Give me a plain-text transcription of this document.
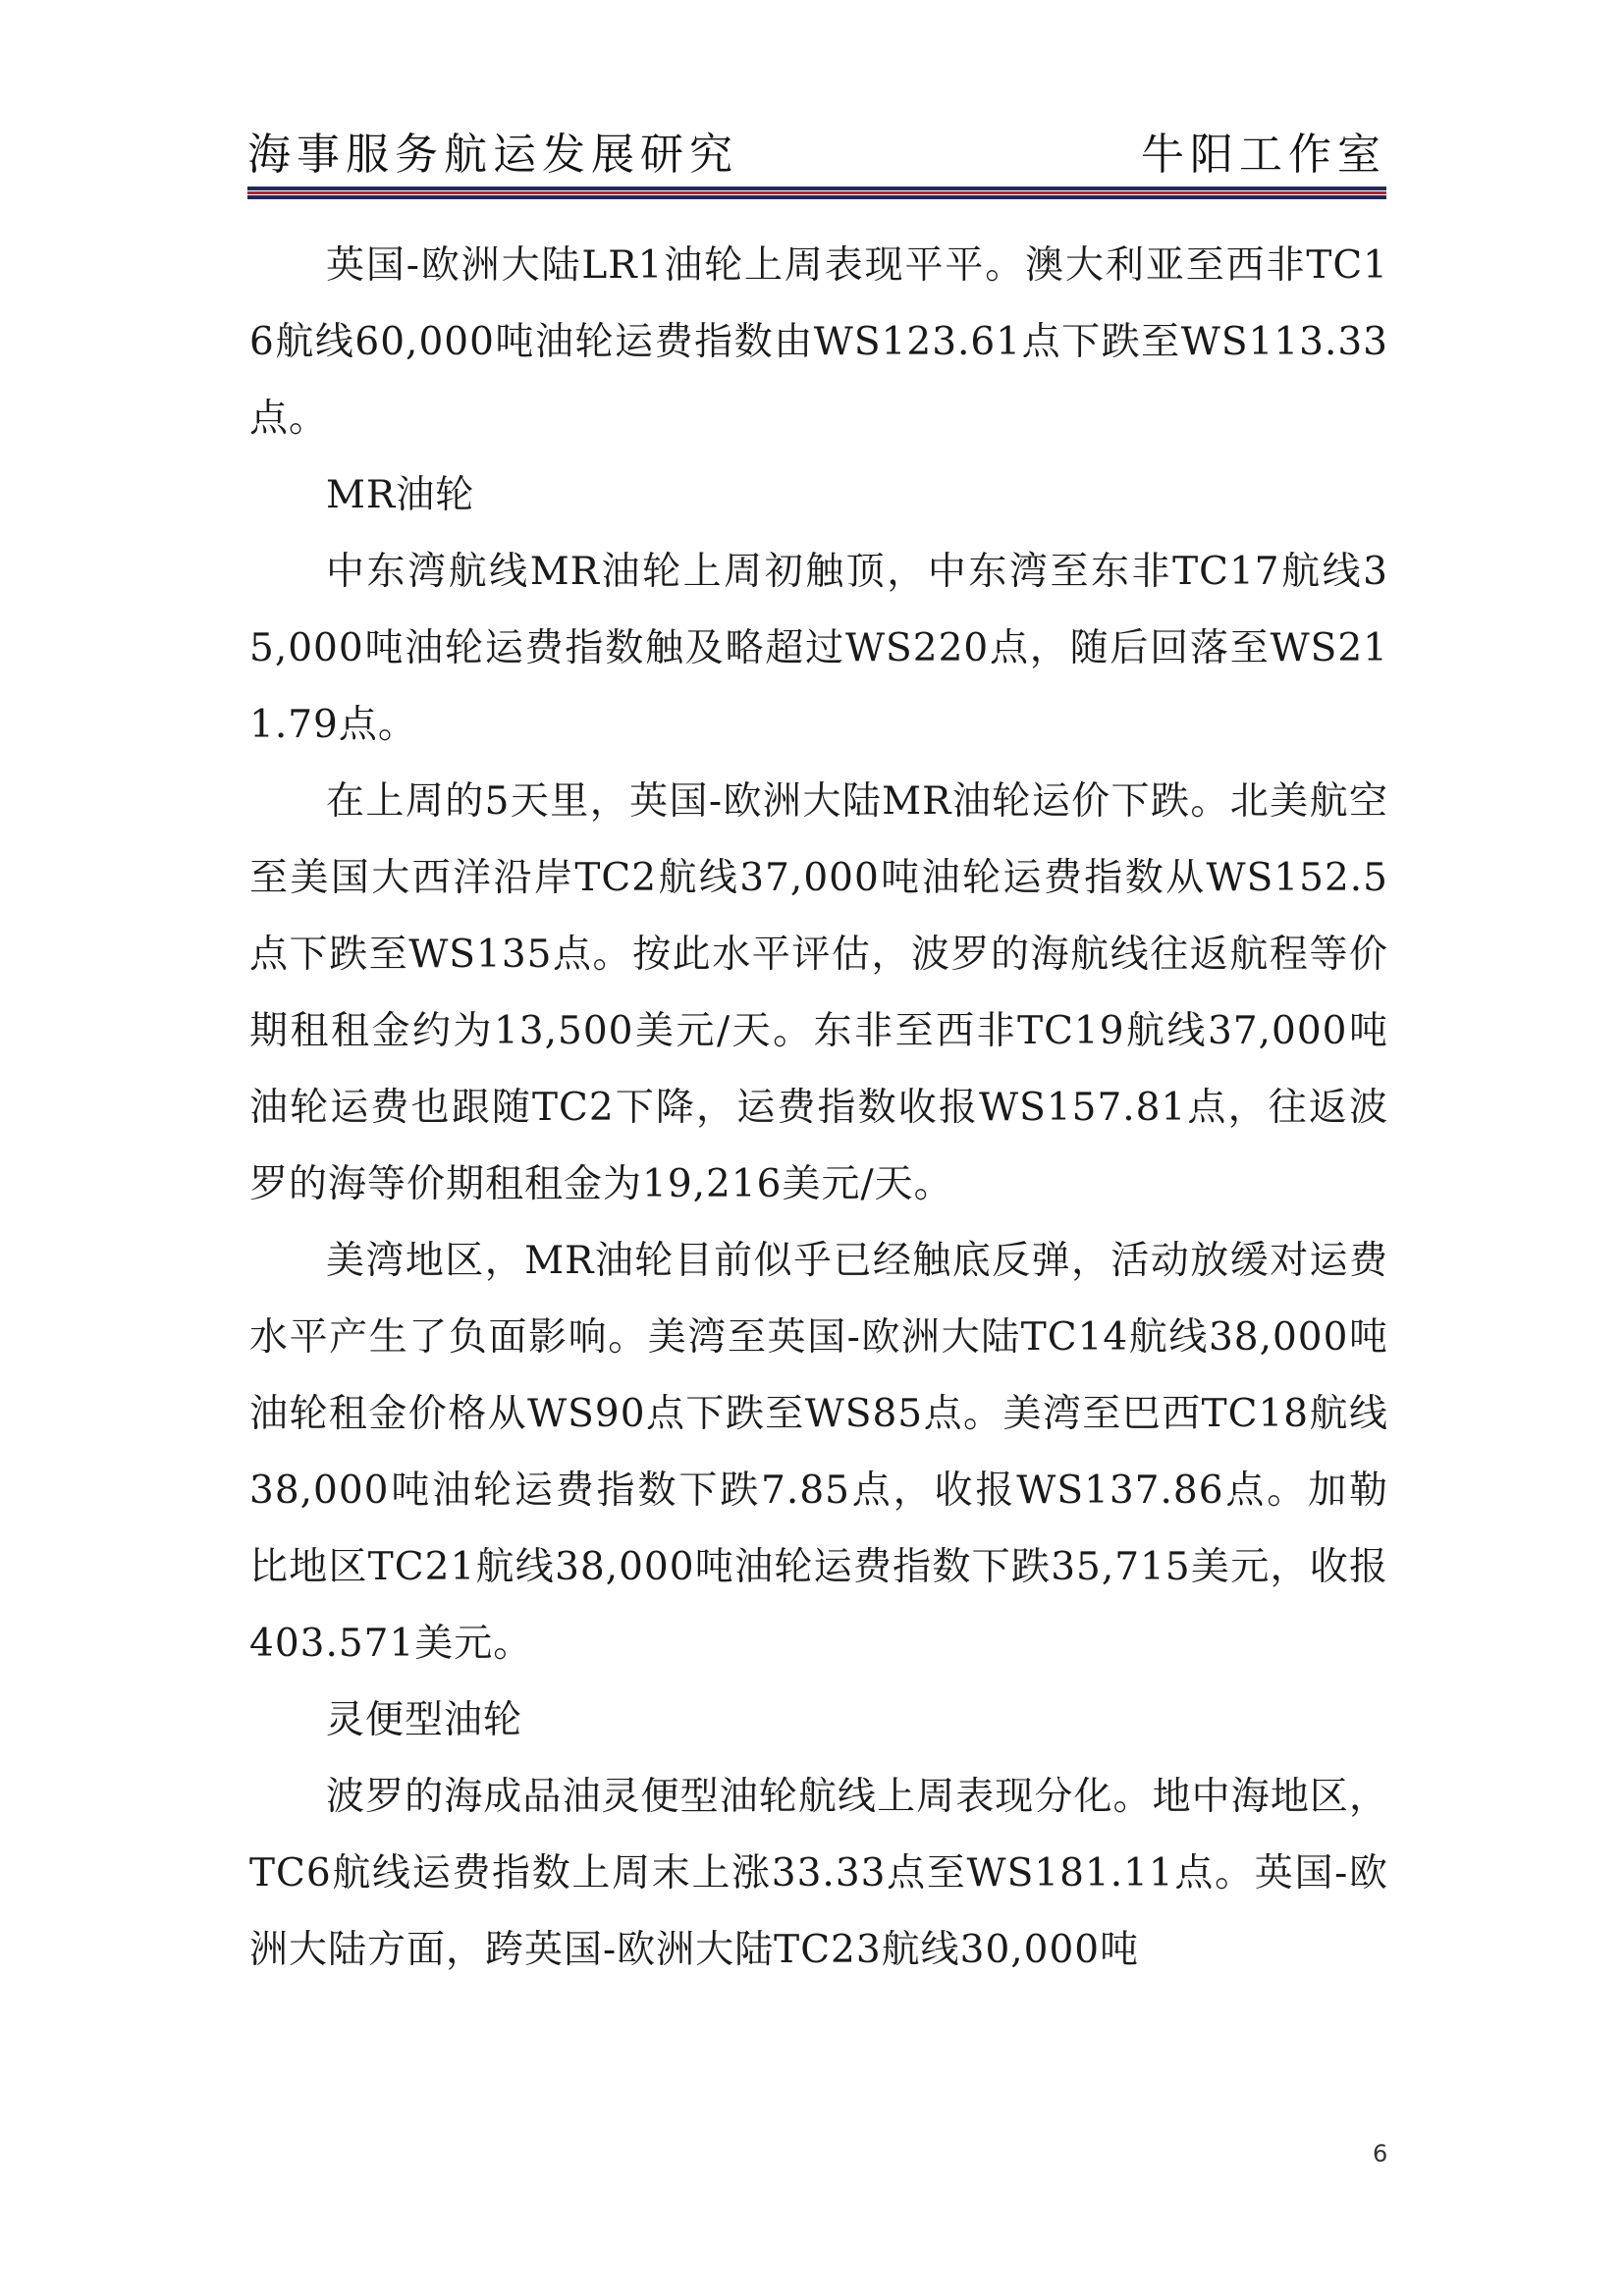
海事服务航运发展研究	牛阳工作室

英国-欧洲大陆LR1油轮上周表现平平。澳大利亚至西非TC16航线60,000吨油轮运费指数由WS123.61点下跌至WS113.33点。

MR油轮

中东湾航线MR油轮上周初触顶，中东湾至东非TC17航线35,000吨油轮运费指数触及略超过WS220点，随后回落至WS211.79点。

在上周的5天里，英国-欧洲大陆MR油轮运价下跌。北美航空至美国大西洋沿岸TC2航线37,000吨油轮运费指数从WS152.5点下跌至WS135点。按此水平评估，波罗的海航线往返航程等价期租租金约为13,500美元/天。东非至西非TC19航线37,000吨油轮运费也跟随TC2下降，运费指数收报WS157.81点，往返波罗的海等价期租租金为19,216美元/天。

美湾地区，MR油轮目前似乎已经触底反弹，活动放缓对运费水平产生了负面影响。美湾至英国-欧洲大陆TC14航线38,000吨油轮租金价格从WS90点下跌至WS85点。美湾至巴西TC18航线38,000吨油轮运费指数下跌7.85点，收报WS137.86点。加勒比地区TC21航线38,000吨油轮运费指数下跌35,715美元，收报403.571美元。

灵便型油轮

波罗的海成品油灵便型油轮航线上周表现分化。地中海地区，TC6航线运费指数上周末上涨33.33点至WS181.11点。英国-欧洲大陆方面，跨英国-欧洲大陆TC23航线30,000吨

6
